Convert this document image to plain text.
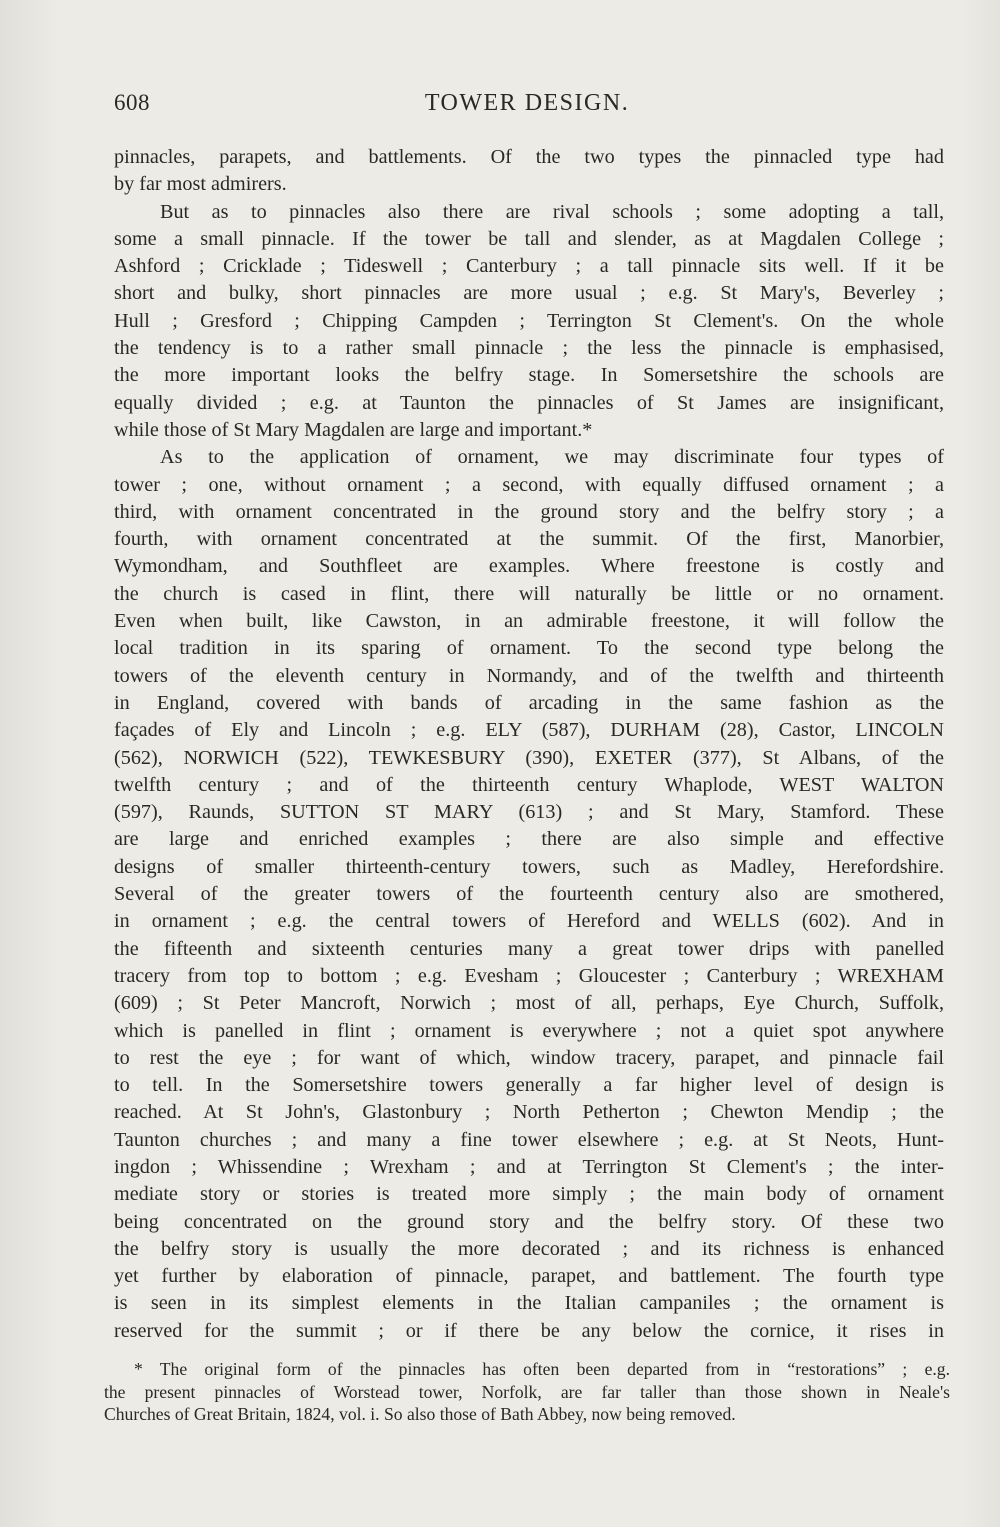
608	TOWER DESIGN.
pinnacles, parapets, and battlements. Of the two types the pinnacled type had
by far most admirers.
But as to pinnacles also there are rival schools ; some adopting a tall,
some a small pinnacle. If the tower be tall and slender, as at Magdalen College ;
Ashford ; Cricklade ; Tideswell ; Canterbury ; a tall pinnacle sits well. If it be
short and bulky, short pinnacles are more usual ; e.g. St Mary's, Beverley ;
Hull ; Gresford ; Chipping Campden ; Terrington St Clement's. On the whole
the tendency is to a rather small pinnacle ; the less the pinnacle is emphasised,
the more important looks the belfry stage. In Somersetshire the schools are
equally divided ; e.g. at Taunton the pinnacles of St James are insignificant,
while those of St Mary Magdalen are large and important.*
As to the application of ornament, we may discriminate four types of
tower ; one, without ornament ; a second, with equally diffused ornament ; a
third, with ornament concentrated in the ground story and the belfry story ; a
fourth, with ornament concentrated at the summit. Of the first, Manorbier,
Wymondham, and Southfleet are examples. Where freestone is costly and
the church is cased in flint, there will naturally be little or no ornament.
Even when built, like Cawston, in an admirable freestone, it will follow the
local tradition in its sparing of ornament. To the second type belong the
towers of the eleventh century in Normandy, and of the twelfth and thirteenth
in England, covered with bands of arcading in the same fashion as the
façades of Ely and Lincoln ; e.g. ELY (587), DURHAM (28), Castor, LINCOLN
(562), NORWICH (522), TEWKESBURY (390), EXETER (377), St Albans, of the
twelfth century ; and of the thirteenth century Whaplode, WEST WALTON
(597), Raunds, SUTTON ST MARY (613) ; and St Mary, Stamford. These
are large and enriched examples ; there are also simple and effective
designs of smaller thirteenth-century towers, such as Madley, Herefordshire.
Several of the greater towers of the fourteenth century also are smothered,
in ornament ; e.g. the central towers of Hereford and WELLS (602). And in
the fifteenth and sixteenth centuries many a great tower drips with panelled
tracery from top to bottom ; e.g. Evesham ; Gloucester ; Canterbury ; WREXHAM
(609) ; St Peter Mancroft, Norwich ; most of all, perhaps, Eye Church, Suffolk,
which is panelled in flint ; ornament is everywhere ; not a quiet spot anywhere
to rest the eye ; for want of which, window tracery, parapet, and pinnacle fail
to tell. In the Somersetshire towers generally a far higher level of design is
reached. At St John's, Glastonbury ; North Petherton ; Chewton Mendip ; the
Taunton churches ; and many a fine tower elsewhere ; e.g. at St Neots, Hunt-
ingdon ; Whissendine ; Wrexham ; and at Terrington St Clement's ; the inter-
mediate story or stories is treated more simply ; the main body of ornament
being concentrated on the ground story and the belfry story. Of these two
the belfry story is usually the more decorated ; and its richness is enhanced
yet further by elaboration of pinnacle, parapet, and battlement. The fourth type
is seen in its simplest elements in the Italian campaniles ; the ornament is
reserved for the summit ; or if there be any below the cornice, it rises in
* The original form of the pinnacles has often been departed from in “restorations” ; e.g.
the present pinnacles of Worstead tower, Norfolk, are far taller than those shown in Neale's
Churches of Great Britain, 1824, vol. i. So also those of Bath Abbey, now being removed.
